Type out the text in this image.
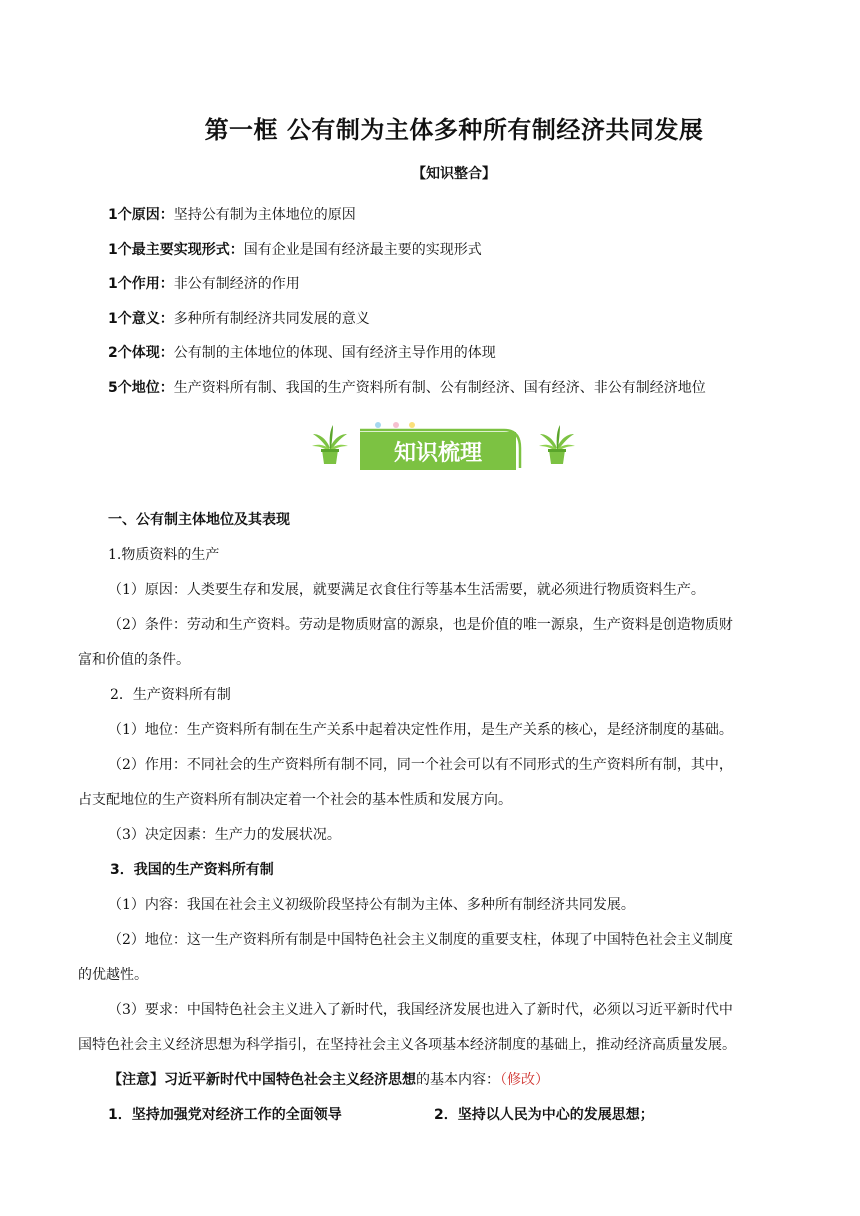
第一框 公有制为主体多种所有制经济共同发展
【知识整合】
1个原因：坚持公有制为主体地位的原因
1个最主要实现形式：国有企业是国有经济最主要的实现形式
1个作用：非公有制经济的作用
1个意义：多种所有制经济共同发展的意义
2个体现：公有制的主体地位的体现、国有经济主导作用的体现
5个地位：生产资料所有制、我国的生产资料所有制、公有制经济、国有经济、非公有制经济地位
知识梳理
一、公有制主体地位及其表现
1.物质资料的生产
（1）原因：人类要生存和发展，就要满足衣食住行等基本生活需要，就必须进行物质资料生产。
（2）条件：劳动和生产资料。劳动是物质财富的源泉，也是价值的唯一源泉，生产资料是创造物质财
富和价值的条件。
2．生产资料所有制
（1）地位：生产资料所有制在生产关系中起着决定性作用，是生产关系的核心，是经济制度的基础。
（2）作用：不同社会的生产资料所有制不同，同一个社会可以有不同形式的生产资料所有制，其中，
占支配地位的生产资料所有制决定着一个社会的基本性质和发展方向。
（3）决定因素：生产力的发展状况。
3．我国的生产资料所有制
（1）内容：我国在社会主义初级阶段坚持公有制为主体、多种所有制经济共同发展。
（2）地位：这一生产资料所有制是中国特色社会主义制度的重要支柱，体现了中国特色社会主义制度
的优越性。
（3）要求：中国特色社会主义进入了新时代，我国经济发展也进入了新时代，必须以习近平新时代中
国特色社会主义经济思想为科学指引，在坚持社会主义各项基本经济制度的基础上，推动经济高质量发展。
【注意】习近平新时代中国特色社会主义经济思想的基本内容：（修改）
1．坚持加强党对经济工作的全面领导	2．坚持以人民为中心的发展思想；
